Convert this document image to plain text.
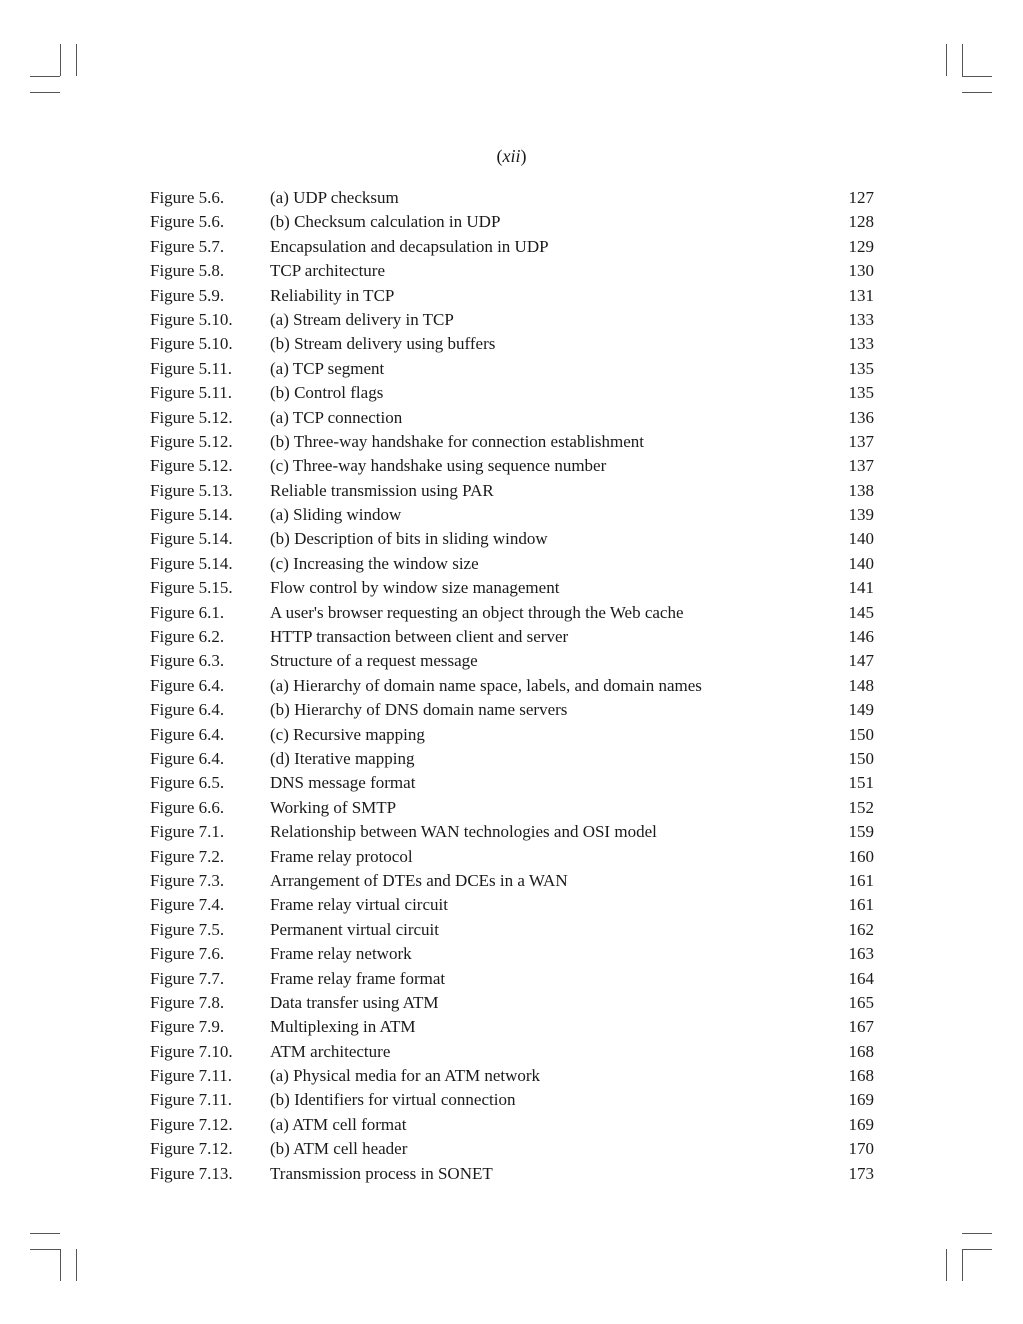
(xii)
Figure 5.6.	(a) UDP checksum	127
Figure 5.6.	(b) Checksum calculation in UDP	128
Figure 5.7.	Encapsulation and decapsulation in UDP	129
Figure 5.8.	TCP architecture	130
Figure 5.9.	Reliability in TCP	131
Figure 5.10. (a) Stream delivery in TCP	133
Figure 5.10. (b) Stream delivery using buffers	133
Figure 5.11. (a) TCP segment	135
Figure 5.11. (b) Control flags	135
Figure 5.12. (a) TCP connection	136
Figure 5.12. (b) Three-way handshake for connection establishment	137
Figure 5.12. (c) Three-way handshake using sequence number	137
Figure 5.13. Reliable transmission using PAR	138
Figure 5.14. (a) Sliding window	139
Figure 5.14. (b) Description of bits in sliding window	140
Figure 5.14. (c) Increasing the window size	140
Figure 5.15. Flow control by window size management	141
Figure 6.1.	A user's browser requesting an object through the Web cache	145
Figure 6.2.	HTTP transaction between client and server	146
Figure 6.3.	Structure of a request message	147
Figure 6.4.	(a) Hierarchy of domain name space, labels, and domain names	148
Figure 6.4.	(b) Hierarchy of DNS domain name servers	149
Figure 6.4.	(c) Recursive mapping	150
Figure 6.4.	(d) Iterative mapping	150
Figure 6.5.	DNS message format	151
Figure 6.6.	Working of SMTP	152
Figure 7.1.	Relationship between WAN technologies and OSI model	159
Figure 7.2.	Frame relay protocol	160
Figure 7.3.	Arrangement of DTEs and DCEs in a WAN	161
Figure 7.4.	Frame relay virtual circuit	161
Figure 7.5.	Permanent virtual circuit	162
Figure 7.6.	Frame relay network	163
Figure 7.7.	Frame relay frame format	164
Figure 7.8.	Data transfer using ATM	165
Figure 7.9.	Multiplexing in ATM	167
Figure 7.10. ATM architecture	168
Figure 7.11. (a) Physical media for an ATM network	168
Figure 7.11. (b) Identifiers for virtual connection	169
Figure 7.12. (a) ATM cell format	169
Figure 7.12. (b) ATM cell header	170
Figure 7.13. Transmission process in SONET	173
